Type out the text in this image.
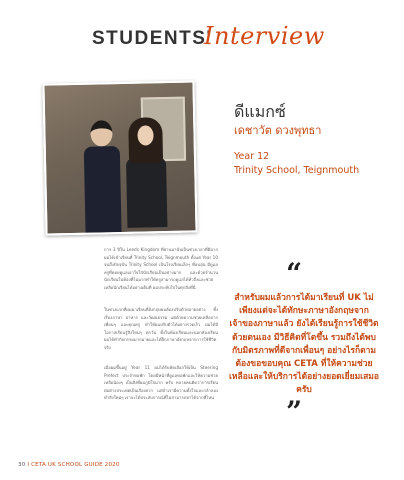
STUDENTS'
Interview
ดีแมกซ์
เดชาวัต ดวงพุทธา
Year 12
Trinity School, Teignmouth
การ 3 ปีใน Leeds Kingdom ที่ผ่านมานับเป็นช่วงเวลาที่ดีมาก ผมได้เข้าเรียนที่ Trinity School, Teignmouth ตั้งแต่ Year 10 จนถึงปัจจุบัน Trinity School เป็นโรงเรียนเล็กๆ ที่อบอุ่น มีดูแลครูที่คอยดูแลเอาใจใส่นักเรียนเป็นอย่างมาก และด้วยจำนวนนักเรียนในห้องที่ไม่มากทำให้ครูสามารถดูแลได้ทั่วถึงและช่วยเหลือนักเรียนได้อย่างเต็มที่ ผมประทับใจในทุกสิ่งที่นี่
ในช่วงแรกที่ผมมาเรียนที่อังกฤษผมต้องปรับตัวหลายอย่าง ทั้งเรื่องภาษา อาหาร และวัฒนธรรม แต่ด้วยความช่วยเหลือจากเพื่อนๆ และคุณครู ทำให้ผมปรับตัวได้อย่างรวดเร็ว ผมได้มีโอกาสเรียนรู้สิ่งใหม่ๆ ทุกวัน ทั้งในห้องเรียนและนอกห้องเรียน ผมได้ทำกิจกรรมมากมายและได้ฝึกภาษาอังกฤษจากการใช้ชีวิตจริง
เมื่อผมขึ้นอยู่ Year 11 ผมได้รับคัดเลือกให้เป็น Steering Prefect ประจำหอพัก โดยมีหน้าที่ดูแลหอพักและให้ความช่วยเหลือน้องๆ เป็นสิ่งที่ผมภูมิใจมาก ครับ หลายคนคิดว่าการเรียนต่อต่างประเทศเป็นเรื่องยาก แต่ถ้าเรามีความตั้งใจและกล้าลองทำสิ่งใหม่ๆ เราจะได้ประสบการณ์ที่ไม่สามารถหาได้จากที่ไหน
“
สำหรับผมแล้วการได้มาเรียนที่ UK ไม่เพียงแต่จะได้ทักษะภาษาอังกฤษจากเจ้าของภาษาแล้ว ยังได้เรียนรู้การใช้ชีวิตด้วยตนเอง มีวิธีคิดที่โตขึ้น รวมถึงได้พบกับมิตรภาพที่ดีจากเพื่อนๆ อย่างไรก็ตามต้องขอขอบคุณ CETA ที่ให้ความช่วยเหลือและให้บริการได้อย่างยอดเยี่ยมเสมอครับ
”
30 I CETA UK SCHOOL GUIDE 2020
